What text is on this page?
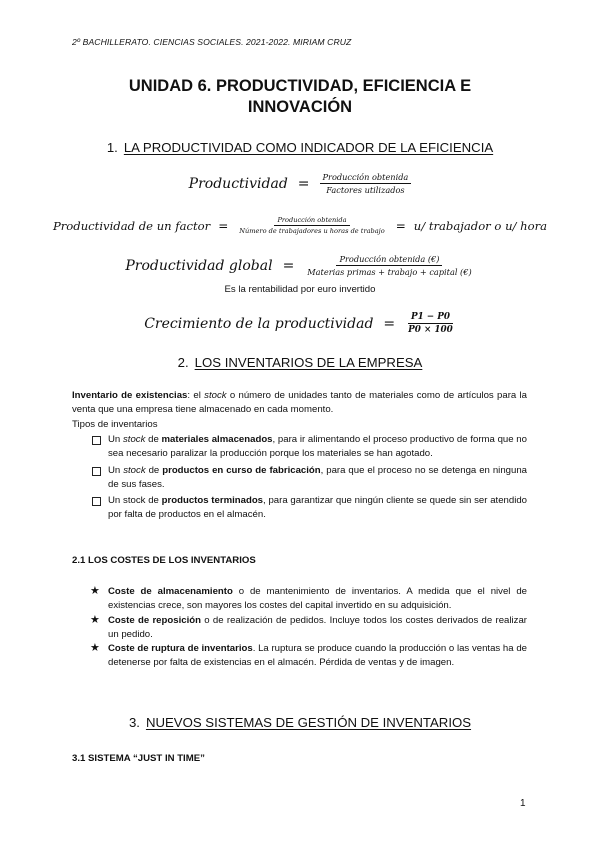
2º BACHILLERATO. CIENCIAS SOCIALES. 2021-2022. MIRIAM CRUZ
UNIDAD 6. PRODUCTIVIDAD, EFICIENCIA E
INNOVACIÓN
1. LA PRODUCTIVIDAD COMO INDICADOR DE LA EFICIENCIA
Productividad = $\frac{\text{Producción obtenida}}{\text{Factores utilizados}}$
Productividad de un factor = $\frac{\text{Producción obtenida}}{\text{Número de trabajadores u horas de trabajo}} = u/$ trabajador o u/ hora
Productividad global = $\frac{\text{Producción obtenida (€)}}{\text{Materias primas + trabajo + capital (€)}}$
Es la rentabilidad por euro invertido
Crecimiento de la productividad = $\frac{P1 - P0}{P0 \times 100}$
2. LOS INVENTARIOS DE LA EMPRESA
Inventario de existencias: el stock o número de unidades tanto de materiales como de artículos para la venta que una empresa tiene almacenado en cada momento.
Tipos de inventarios
Un stock de materiales almacenados, para ir alimentando el proceso productivo de forma que no sea necesario paralizar la producción porque los materiales se han agotado.
Un stock de productos en curso de fabricación, para que el proceso no se detenga en ninguna de sus fases.
Un stock de productos terminados, para garantizar que ningún cliente se quede sin ser atendido por falta de productos en el almacén.
2.1 LOS COSTES DE LOS INVENTARIOS
★ Coste de almacenamiento o de mantenimiento de inventarios. A medida que el nivel de existencias crece, son mayores los costes del capital invertido en su adquisición.
★ Coste de reposición o de realización de pedidos. Incluye todos los costes derivados de realizar un pedido.
★ Coste de ruptura de inventarios. La ruptura se produce cuando la producción o las ventas ha de detenerse por falta de existencias en el almacén. Pérdida de ventas y de imagen.
3. NUEVOS SISTEMAS DE GESTIÓN DE INVENTARIOS
3.1 SISTEMA “JUST IN TIME”
1
